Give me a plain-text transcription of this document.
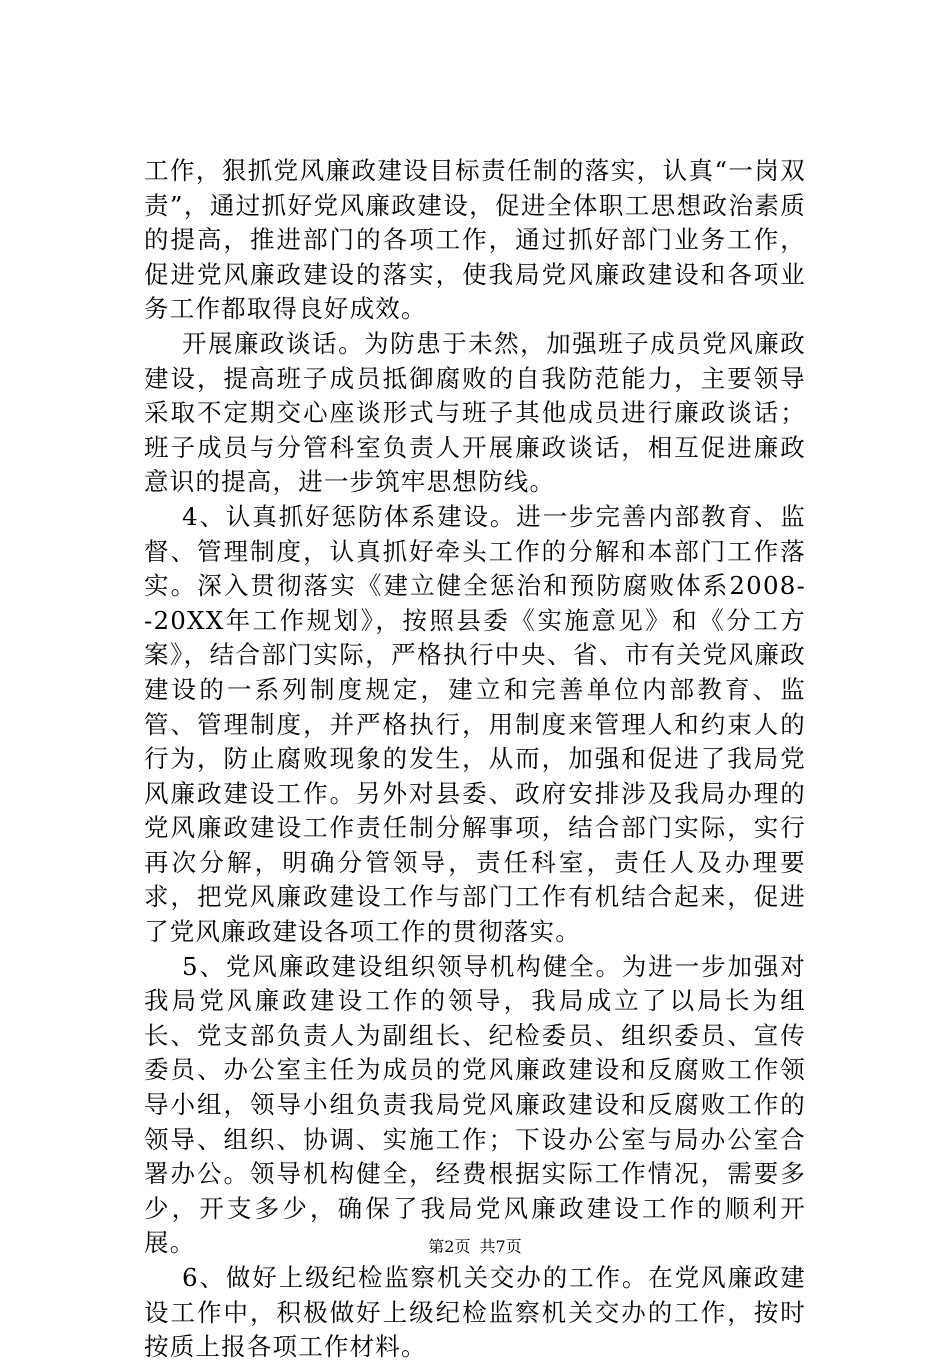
工作，狠抓党风廉政建设目标责任制的落实，认真“一岗双责”，通过抓好党风廉政建设，促进全体职工思想政治素质的提高，推进部门的各项工作，通过抓好部门业务工作，促进党风廉政建设的落实，使我局党风廉政建设和各项业务工作都取得良好成效。

开展廉政谈话。为防患于未然，加强班子成员党风廉政建设，提高班子成员抵御腐败的自我防范能力，主要领导采取不定期交心座谈形式与班子其他成员进行廉政谈话；班子成员与分管科室负责人开展廉政谈话，相互促进廉政意识的提高，进一步筑牢思想防线。

4、认真抓好惩防体系建设。进一步完善内部教育、监督、管理制度，认真抓好牵头工作的分解和本部门工作落实。深入贯彻落实《建立健全惩治和预防腐败体系2008--20XX年工作规划》，按照县委《实施意见》和《分工方案》，结合部门实际，严格执行中央、省、市有关党风廉政建设的一系列制度规定，建立和完善单位内部教育、监管、管理制度，并严格执行，用制度来管理人和约束人的行为，防止腐败现象的发生，从而，加强和促进了我局党风廉政建设工作。另外对县委、政府安排涉及我局办理的党风廉政建设工作责任制分解事项，结合部门实际，实行再次分解，明确分管领导，责任科室，责任人及办理要求，把党风廉政建设工作与部门工作有机结合起来，促进了党风廉政建设各项工作的贯彻落实。

5、党风廉政建设组织领导机构健全。为进一步加强对我局党风廉政建设工作的领导，我局成立了以局长为组长、党支部负责人为副组长、纪检委员、组织委员、宣传委员、办公室主任为成员的党风廉政建设和反腐败工作领导小组，领导小组负责我局党风廉政建设和反腐败工作的领导、组织、协调、实施工作；下设办公室与局办公室合署办公。领导机构健全，经费根据实际工作情况，需要多少，开支多少，确保了我局党风廉政建设工作的顺利开展。

6、做好上级纪检监察机关交办的工作。在党风廉政建设工作中，积极做好上级纪检监察机关交办的工作，按时按质上报各项工作材料。

第2页 共7页
